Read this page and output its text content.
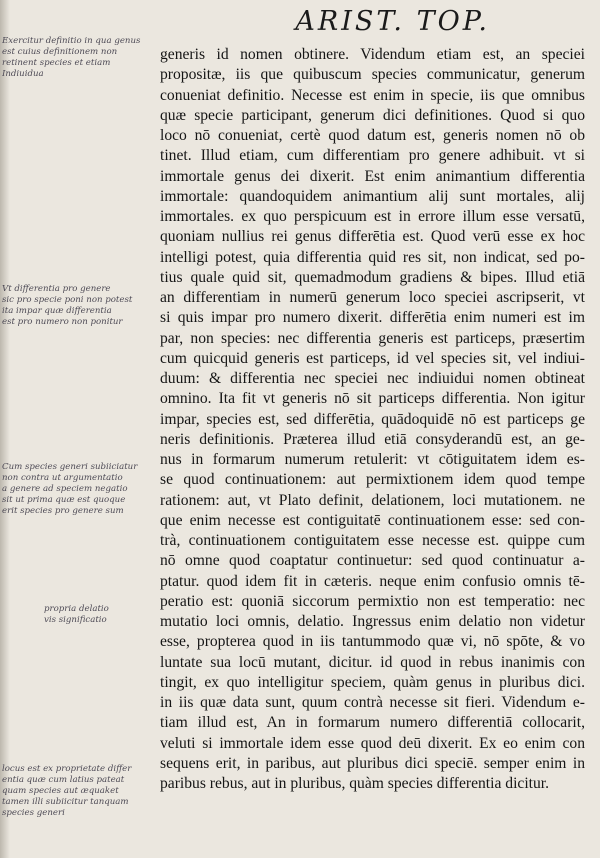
ARIST. TOP.
generis id nomen obtinere. Videndum etiam est, an speciei
propositæ, iis que quibuscum species communicatur, generum
conueniat definitio. Necesse est enim in specie, iis que omnibus
quæ specie participant, generum dici definitiones. Quod si quo
loco nō conueniat, certè quod datum est, generis nomen nō ob
tinet. Illud etiam, cum differentiam pro genere adhibuit. vt si
immortale genus dei dixerit. Est enim animantium differentia
immortale: quandoquidem animantium alij sunt mortales, alij
immortales. ex quo perspicuum est in errore illum esse versatū,
quoniam nullius rei genus differētia est. Quod verū esse ex hoc
intelligi potest, quia differentia quid res sit, non indicat, sed po-
tius quale quid sit, quemadmodum gradiens & bipes. Illud etiā
an differentiam in numerū generum loco speciei ascripserit, vt
si quis impar pro numero dixerit. differētia enim numeri est im
par, non species: nec differentia generis est particeps, præsertim
cum quicquid generis est particeps, id vel species sit, vel indiui-
duum: & differentia nec speciei nec indiuidui nomen obtineat
omnino. Ita fit vt generis nō sit particeps differentia. Non igitur
impar, species est, sed differētia, quādoquidē nō est particeps ge
neris definitionis. Præterea illud etiā consyderandū est, an ge-
nus in formarum numerum retulerit: vt cōtiguitatem idem es-
se quod continuationem: aut permixtionem idem quod tempe
rationem: aut, vt Plato definit, delationem, loci mutationem. ne
que enim necesse est contiguitatē continuationem esse: sed con-
trà, continuationem contiguitatem esse necesse est. quippe cum
nō omne quod coaptatur continuetur: sed quod continuatur a-
ptatur. quod idem fit in cæteris. neque enim confusio omnis tē-
peratio est: quoniā siccorum permixtio non est temperatio: nec
mutatio loci omnis, delatio. Ingressus enim delatio non videtur
esse, propterea quod in iis tantummodo quæ vi, nō spōte, & vo
luntate sua locū mutant, dicitur. id quod in rebus inanimis con
tingit, ex quo intelligitur speciem, quàm genus in pluribus dici.
in iis quæ data sunt, quum contrà necesse sit fieri. Videndum e-
tiam illud est, An in formarum numero differentiā collocarit,
veluti si immortale idem esse quod deū dixerit. Ex eo enim con
sequens erit, in paribus, aut pluribus dici speciē. semper enim in
paribus rebus, aut in pluribus, quàm species differentia dicitur.
Exercitur definitio in qua genus
est cuius definitionem non
retinent species et etiam
Indiuidua
Vt differentia pro genere
sic pro specie poni non potest
ita impar quæ differentia
est pro numero non ponitur
Cum species generi subiiciatur
non contra ut argumentatio
a genere ad speciem negatio
sit ut prima quæ est quoque
erit species pro genere sum
propria delatio
vis significatio
locus est ex proprietate differ
entia quæ cum latius pateat
quam species aut æquaket
tamen illi subiicitur tanquam
species generi
